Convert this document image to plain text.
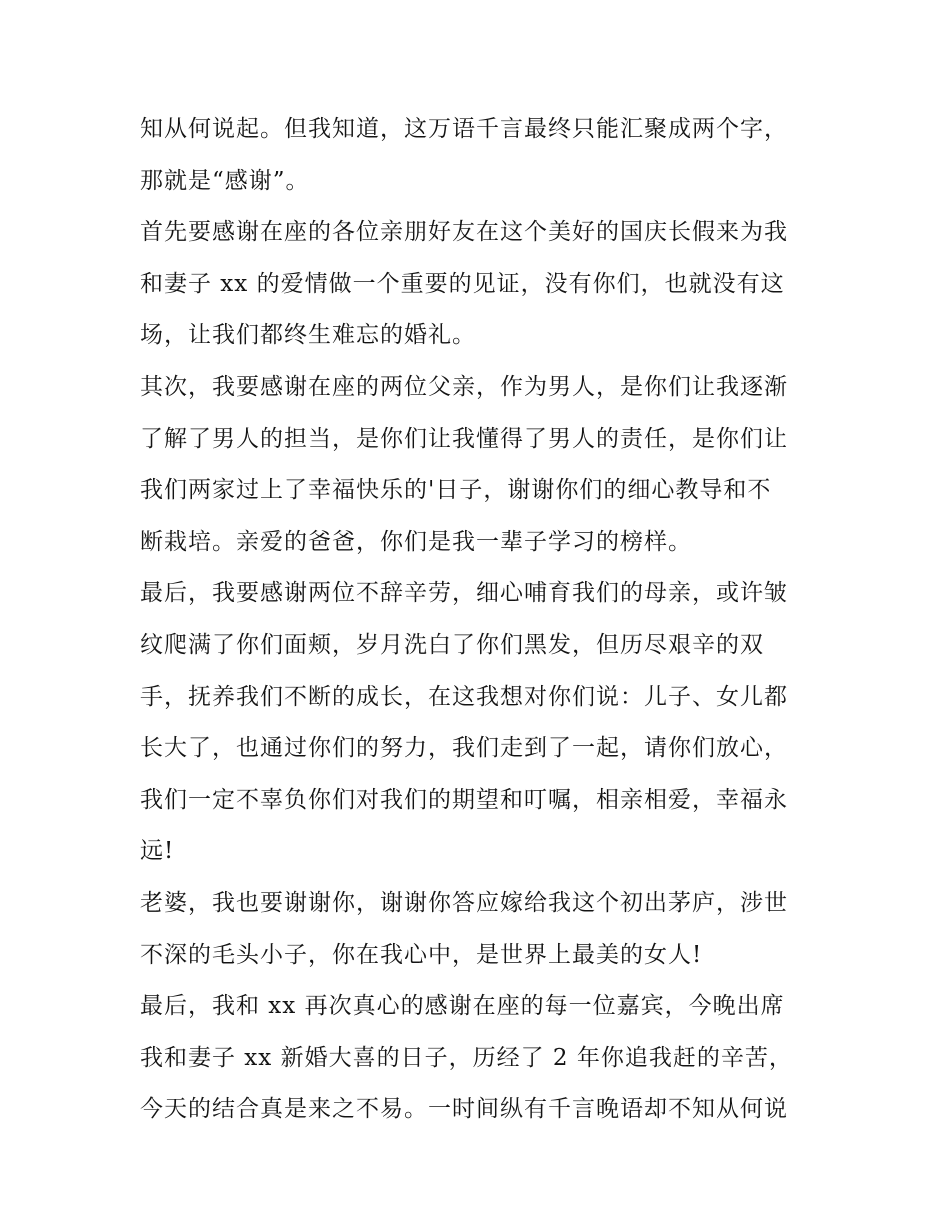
知从何说起。但我知道，这万语千言最终只能汇聚成两个字，
那就是“感谢”。
首先要感谢在座的各位亲朋好友在这个美好的国庆长假来为我
和妻子 xx 的爱情做一个重要的见证，没有你们，也就没有这
场，让我们都终生难忘的婚礼。
其次，我要感谢在座的两位父亲，作为男人，是你们让我逐渐
了解了男人的担当，是你们让我懂得了男人的责任，是你们让
我们两家过上了幸福快乐的'日子，谢谢你们的细心教导和不
断栽培。亲爱的爸爸，你们是我一辈子学习的榜样。
最后，我要感谢两位不辞辛劳，细心哺育我们的母亲，或许皱
纹爬满了你们面颊，岁月洗白了你们黑发，但历尽艰辛的双
手，抚养我们不断的成长，在这我想对你们说：儿子、女儿都
长大了，也通过你们的努力，我们走到了一起，请你们放心，
我们一定不辜负你们对我们的期望和叮嘱，相亲相爱，幸福永
远!
老婆，我也要谢谢你，谢谢你答应嫁给我这个初出茅庐，涉世
不深的毛头小子，你在我心中，是世界上最美的女人!
最后，我和 xx 再次真心的感谢在座的每一位嘉宾，今晚出席
我和妻子 xx 新婚大喜的日子，历经了 2 年你追我赶的辛苦，
今天的结合真是来之不易。一时间纵有千言晚语却不知从何说
